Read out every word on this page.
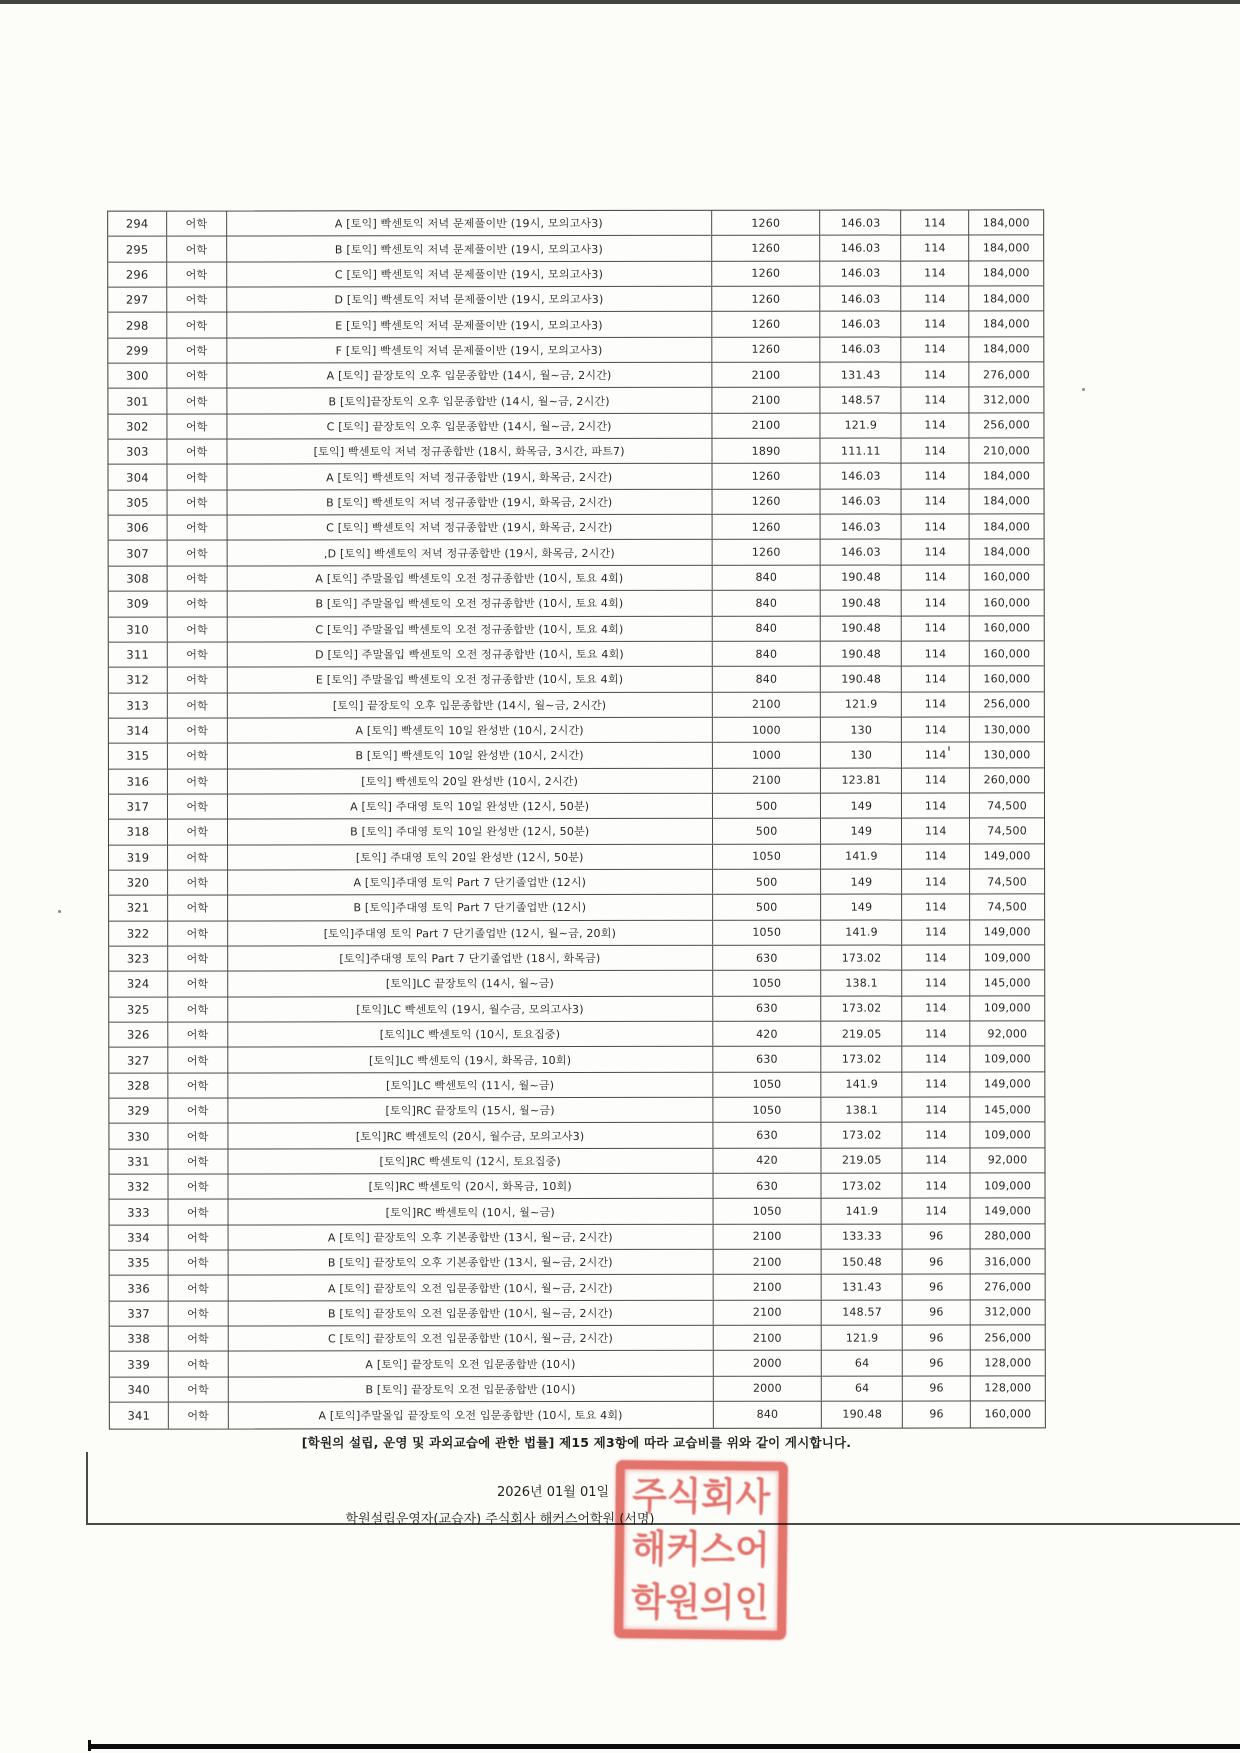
294	어학	A [토익] 빡센토익 저녁 문제풀이반 (19시, 모의고사3)	1260	146.03	114	184,000
295	어학	B [토익] 빡센토익 저녁 문제풀이반 (19시, 모의고사3)	1260	146.03	114	184,000
296	어학	C [토익] 빡센토익 저녁 문제풀이반 (19시, 모의고사3)	1260	146.03	114	184,000
297	어학	D [토익] 빡센토익 저녁 문제풀이반 (19시, 모의고사3)	1260	146.03	114	184,000
298	어학	E [토익] 빡센토익 저녁 문제풀이반 (19시, 모의고사3)	1260	146.03	114	184,000
299	어학	F [토익] 빡센토익 저녁 문제풀이반 (19시, 모의고사3)	1260	146.03	114	184,000
300	어학	A [토익] 끝장토익 오후 입문종합반 (14시, 월~금, 2시간)	2100	131.43	114	276,000
301	어학	B [토익]끝장토익 오후 입문종합반 (14시, 월~금, 2시간)	2100	148.57	114	312,000
302	어학	C [토익] 끝장토익 오후 입문종합반 (14시, 월~금, 2시간)	2100	121.9	114	256,000
303	어학	[토익] 빡센토익 저녁 정규종합반 (18시, 화목금, 3시간, 파트7)	1890	111.11	114	210,000
304	어학	A [토익] 빡센토익 저녁 정규종합반 (19시, 화목금, 2시간)	1260	146.03	114	184,000
305	어학	B [토익] 빡센토익 저녁 정규종합반 (19시, 화목금, 2시간)	1260	146.03	114	184,000
306	어학	C [토익] 빡센토익 저녁 정규종합반 (19시, 화목금, 2시간)	1260	146.03	114	184,000
307	어학	,D [토익] 빡센토익 저녁 정규종합반 (19시, 화목금, 2시간)	1260	146.03	114	184,000
308	어학	A [토익] 주말몰입 빡센토익 오전 정규종합반 (10시, 토요 4회)	840	190.48	114	160,000
309	어학	B [토익] 주말몰입 빡센토익 오전 정규종합반 (10시, 토요 4회)	840	190.48	114	160,000
310	어학	C [토익] 주말몰입 빡센토익 오전 정규종합반 (10시, 토요 4회)	840	190.48	114	160,000
311	어학	D [토익] 주말몰입 빡센토익 오전 정규종합반 (10시, 토요 4회)	840	190.48	114	160,000
312	어학	E [토익] 주말몰입 빡센토익 오전 정규종합반 (10시, 토요 4회)	840	190.48	114	160,000
313	어학	[토익] 끝장토익 오후 입문종합반 (14시, 월~금, 2시간)	2100	121.9	114	256,000
314	어학	A [토익] 빡센토익 10일 완성반 (10시, 2시간)	1000	130	114	130,000
315	어학	B [토익] 빡센토익 10일 완성반 (10시, 2시간)	1000	130	114	130,000
316	어학	[토익] 빡센토익 20일 완성반 (10시, 2시간)	2100	123.81	114	260,000
317	어학	A [토익] 주대영 토익 10일 완성반 (12시, 50분)	500	149	114	74,500
318	어학	B [토익] 주대영 토익 10일 완성반 (12시, 50분)	500	149	114	74,500
319	어학	[토익] 주대영 토익 20일 완성반 (12시, 50분)	1050	141.9	114	149,000
320	어학	A [토익]주대영 토익 Part 7 단기졸업반 (12시)	500	149	114	74,500
321	어학	B [토익]주대영 토익 Part 7 단기졸업반 (12시)	500	149	114	74,500
322	어학	[토익]주대영 토익 Part 7 단기졸업반 (12시, 월~금, 20회)	1050	141.9	114	149,000
323	어학	[토익]주대영 토익 Part 7 단기졸업반 (18시, 화목금)	630	173.02	114	109,000
324	어학	[토익]LC 끝장토익 (14시, 월~금)	1050	138.1	114	145,000
325	어학	[토익]LC 빡센토익 (19시, 월수금, 모의고사3)	630	173.02	114	109,000
326	어학	[토익]LC 빡센토익 (10시, 토요집중)	420	219.05	114	92,000
327	어학	[토익]LC 빡센토익 (19시, 화목금, 10회)	630	173.02	114	109,000
328	어학	[토익]LC 빡센토익 (11시, 월~금)	1050	141.9	114	149,000
329	어학	[토익]RC 끝장토익 (15시, 월~금)	1050	138.1	114	145,000
330	어학	[토익]RC 빡센토익 (20시, 월수금, 모의고사3)	630	173.02	114	109,000
331	어학	[토익]RC 빡센토익 (12시, 토요집중)	420	219.05	114	92,000
332	어학	[토익]RC 빡센토익 (20시, 화목금, 10회)	630	173.02	114	109,000
333	어학	[토익]RC 빡센토익 (10시, 월~금)	1050	141.9	114	149,000
334	어학	A [토익] 끝장토익 오후 기본종합반 (13시, 월~금, 2시간)	2100	133.33	96	280,000
335	어학	B [토익] 끝장토익 오후 기본종합반 (13시, 월~금, 2시간)	2100	150.48	96	316,000
336	어학	A [토익] 끝장토익 오전 입문종합반 (10시, 월~금, 2시간)	2100	131.43	96	276,000
337	어학	B [토익] 끝장토익 오전 입문종합반 (10시, 월~금, 2시간)	2100	148.57	96	312,000
338	어학	C [토익] 끝장토익 오전 입문종합반 (10시, 월~금, 2시간)	2100	121.9	96	256,000
339	어학	A [토익] 끝장토익 오전 입문종합반 (10시)	2000	64	96	128,000
340	어학	B [토익] 끝장토익 오전 입문종합반 (10시)	2000	64	96	128,000
341	어학	A [토익]주말몰입 끝장토익 오전 입문종합반 (10시, 토요 4회)	840	190.48	96	160,000
[학원의 설립, 운영 및 과외교습에 관한 법률] 제15 제3항에 따라 교습비를 위와 같이 게시합니다.
2026년 01월 01일
학원설립운영자(교습자) 주식회사 해커스어학원 (서명)
주식회사
해커스어
학원의인
